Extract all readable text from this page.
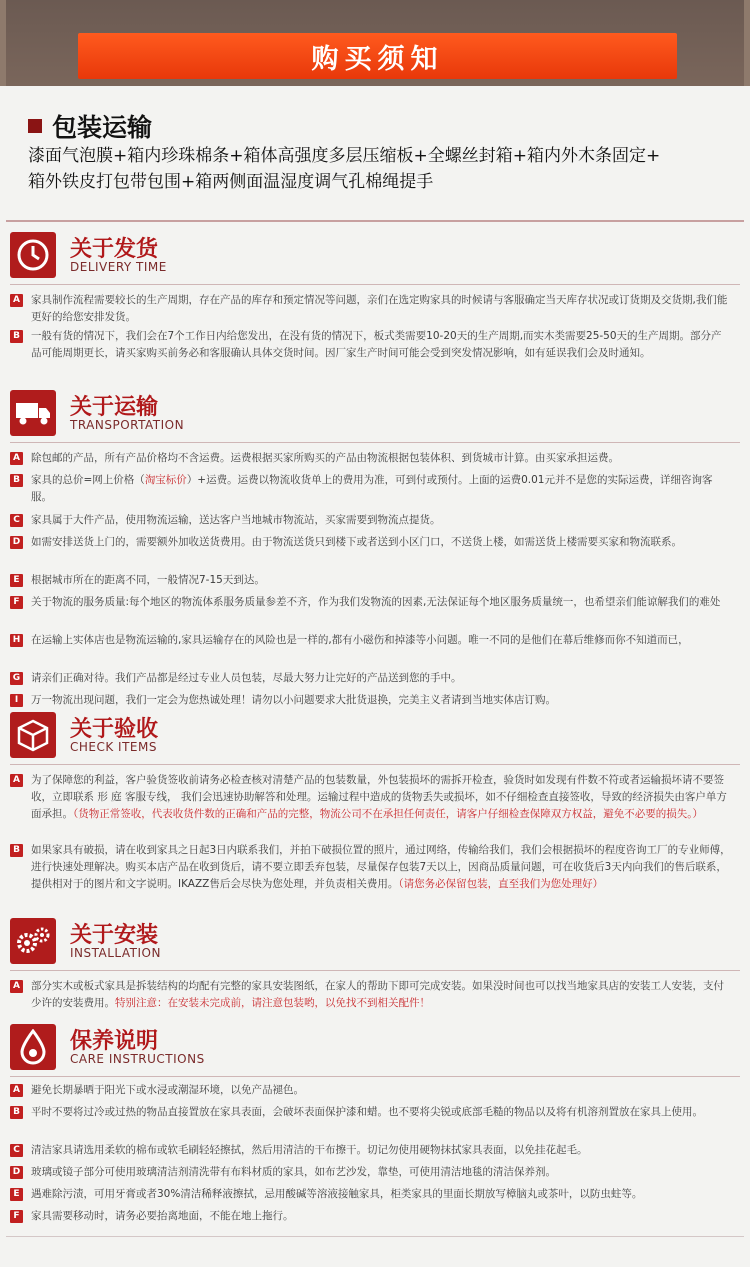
购买须知
包装运输
漆面气泡膜+箱内珍珠棉条+箱体高强度多层压缩板+全螺丝封箱+箱内外木条固定+
箱外铁皮打包带包围+箱两侧面温湿度调气孔棉绳提手
关于发货
DELIVERY TIME
A 家具制作流程需要较长的生产周期，存在产品的库存和预定情况等问题，亲们在选定购家具的时候请与客服确定当天库存状况或订货期及交货期,我们能更好的给您安排发货。
B 一般有货的情况下，我们会在7个工作日内给您发出，在没有货的情况下，板式类需要10-20天的生产周期,而实木类需要25-50天的生产周期。部分产品可能周期更长，请买家购买前务必和客服确认具体交货时间。因厂家生产时间可能会受到突发情况影响，如有延误我们会及时通知。
关于运输
TRANSPORTATION
A 除包邮的产品，所有产品价格均不含运费。运费根据买家所购买的产品由物流根据包装体积、到货城市计算。由买家承担运费。
B 家具的总价=网上价格（淘宝标价）+运费。运费以物流收货单上的费用为准，可到付或预付。上面的运费0.01元并不是您的实际运费，详细咨询客服。
C	家具属于大件产品，使用物流运输，送达客户当地城市物流站，买家需要到物流点提货。
D 如需安排送货上门的，需要额外加收送货费用。由于物流送货只到楼下或者送到小区门口，不送货上楼，如需送货上楼需要买家和物流联系。
E	根据城市所在的距离不同，一般情况7-15天到达。
F	关于物流的服务质量:每个地区的物流体系服务质量参差不齐，作为我们发物流的因素,无法保证每个地区服务质量统一，也希望亲们能谅解我们的难处
H 在运输上实体店也是物流运输的,家具运输存在的风险也是一样的,都有小磁伤和掉漆等小问题。唯一不同的是他们在幕后维修而你不知道而已，
G 请亲们正确对待。我们产品都是经过专业人员包装，尽最大努力让完好的产品送到您的手中。
I	万一物流出现问题，我们一定会为您热诚处理！请勿以小问题要求大批货退换，完美主义者请到当地实体店订购。
关于验收
CHECK ITEMS
A 为了保障您的利益，客户验货签收前请务必检查核对清楚产品的包装数量，外包装损坏的需拆开检查，验货时如发现有件数不符或者运输损坏请不要签收，立即联系 形 庭 客服专线， 我们会迅速协助解答和处理。运输过程中造成的货物丢失或损坏，如不仔细检查直接签收，导致的经济损失由客户单方面承担。（货物正常签收，代表收货件数的正确和产品的完整，物流公司不在承担任何责任，请客户仔细检查保障双方权益，避免不必要的损失。）
B 如果家具有破损，请在收到家具之日起3日内联系我们，并拍下破损位置的照片，通过网络，传输给我们，我们会根据损坏的程度咨询工厂的专业师傅，进行快速处理解决。购买本店产品在收到货后，请不要立即丢弃包装，尽量保存包装7天以上，因商品质量问题，可在收货后3天内向我们的售后联系，提供相对于的图片和文字说明。IKAZZ售后会尽快为您处理，并负责相关费用。（请您务必保留包装，直至我们为您处理好）
关于安装
INSTALLATION
A 部分实木或板式家具是拆装结构的均配有完整的家具安装图纸，在家人的帮助下即可完成安装。如果没时间也可以找当地家具店的安装工人安装，支付少许的安装费用。特别注意：在安装未完成前，请注意包装哟，以免找不到相关配件！
保养说明
CARE INSTRUCTIONS
A 避免长期暴晒于阳光下或水浸或潮湿环境，以免产品褪色。
B 平时不要将过冷或过热的物品直接置放在家具表面，会破坏表面保护漆和蜡。也不要将尖锐或底部毛糙的物品以及将有机溶剂置放在家具上使用。
C	清洁家具请选用柔软的棉布或软毛刷轻轻擦拭，然后用清洁的干布擦干。切记勿使用硬物抹拭家具表面，以免挂花起毛。
D 玻璃或镜子部分可使用玻璃清洁剂清洗带有布料材质的家具，如布艺沙发，靠垫，可使用清洁地毯的清洁保养剂。
E	遇难除污渍，可用牙膏或者30%清洁稀释液擦拭，忌用酸碱等溶液接触家具，柜类家具的里面长期放写樟脑丸或茶叶，以防虫蛀等。
F	家具需要移动时，请务必要抬离地面，不能在地上拖行。
